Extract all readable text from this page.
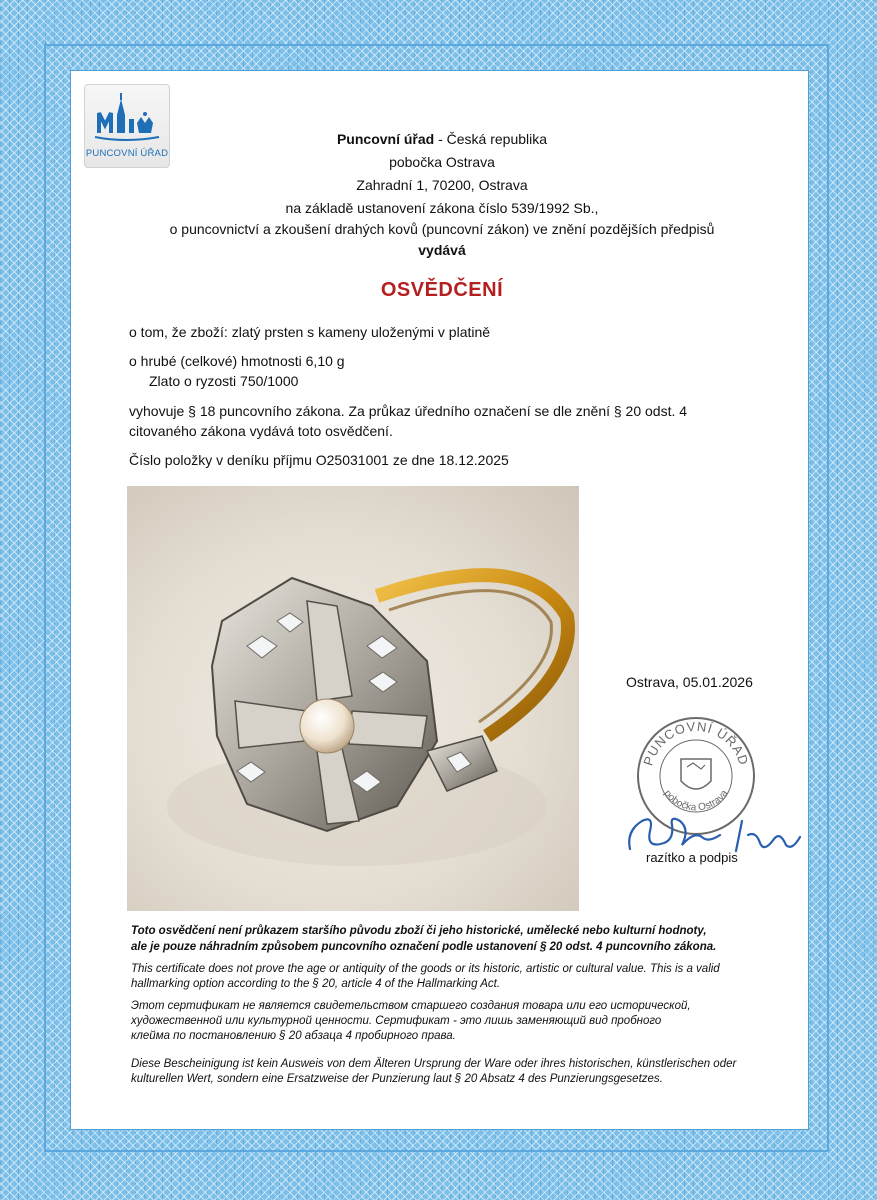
PUNCOVNÍ ÚŘAD
Puncovní úřad - Česká republika
pobočka Ostrava
Zahradní 1, 70200, Ostrava
na základě ustanovení zákona číslo 539/1992 Sb.,
o puncovnictví a zkoušení drahých kovů (puncovní zákon) ve znění pozdějších předpisů
vydává
OSVĚDČENÍ
o tom, že zboží: zlatý prsten s kameny uloženými v platině
o hrubé (celkové) hmotnosti 6,10 g
Zlato o ryzosti 750/1000
vyhovuje § 18 puncovního zákona. Za průkaz úředního označení se dle znění § 20 odst. 4
citovaného zákona vydává toto osvědčení.
Číslo položky v deníku příjmu O25031001 ze dne 18.12.2025
Ostrava, 05.01.2026
PUNCOVNÍ ÚŘAD
pobočka Ostrava
razítko a podpis
Toto osvědčení není průkazem staršího původu zboží či jeho historické, umělecké nebo kulturní hodnoty,
ale je pouze náhradním způsobem puncovního označení podle ustanovení § 20 odst. 4 puncovního zákona.
This certificate does not prove the age or antiquity of the goods or its historic, artistic or cultural value. This is a valid
hallmarking option according to the § 20, article 4 of the Hallmarking Act.
Этот сертификат не является свидетельством старшего создания товара или его исторической,
художественной или культурной ценности. Сертификат - это лишь заменяющий вид пробного
клейма по постановлению § 20 абзаца 4 пробирного права.
Diese Bescheinigung ist kein Ausweis von dem Älteren Ursprung der Ware oder ihres historischen, künstlerischen oder
kulturellen Wert, sondern eine Ersatzweise der Punzierung laut § 20 Absatz 4 des Punzierungsgesetzes.
